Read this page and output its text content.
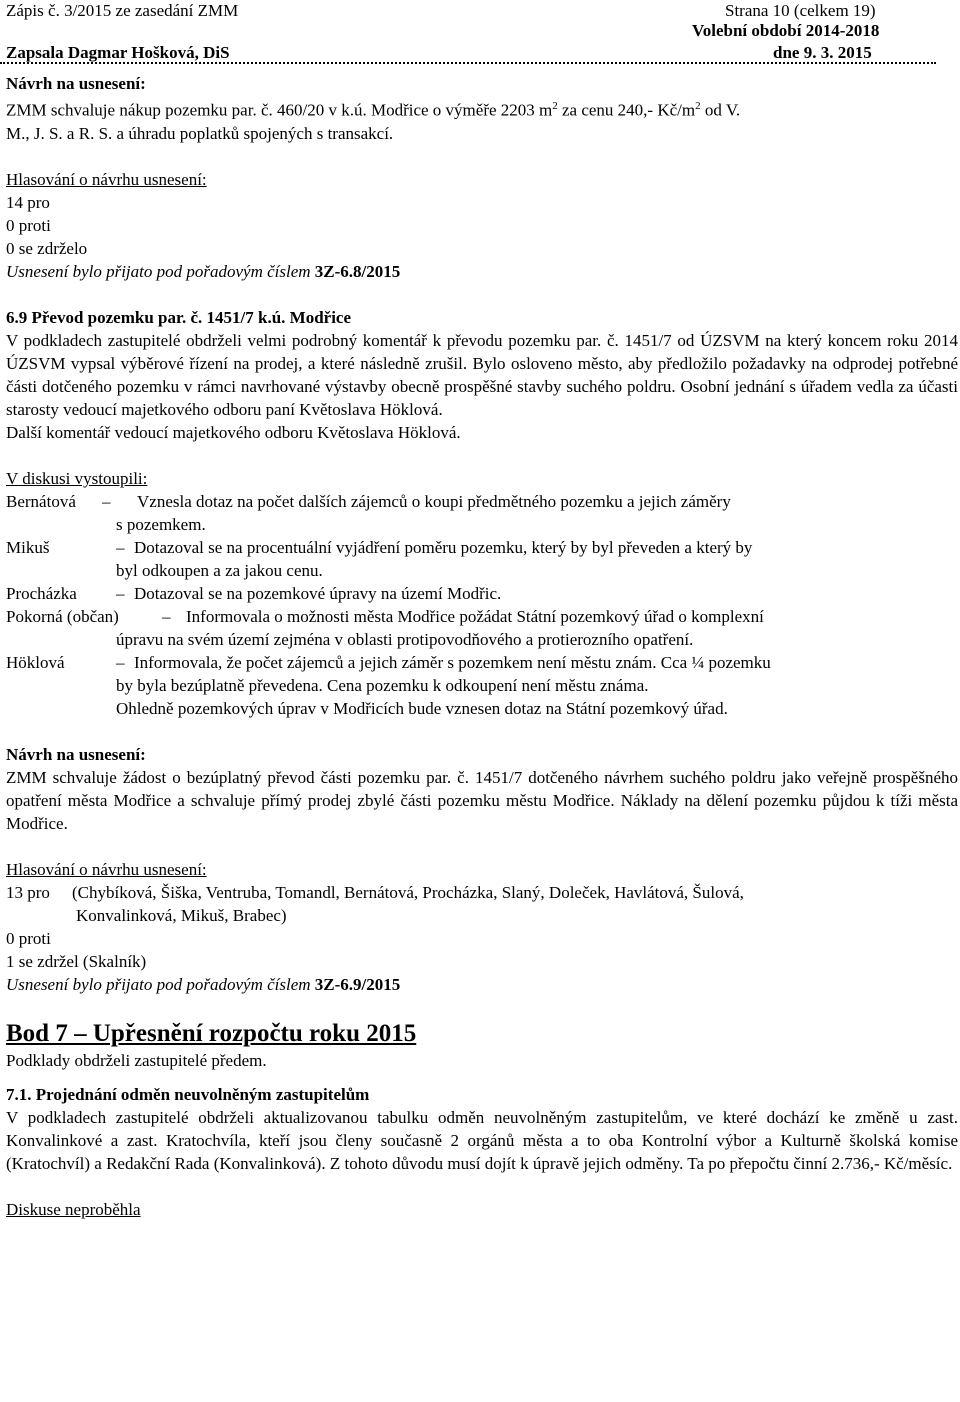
Zápis č. 3/2015 ze zasedání ZMM	Strana 10 (celkem 19)
Volební období 2014-2018
Zapsala Dagmar Hošková, DiS	dne 9. 3. 2015

Návrh na usnesení:

ZMM schvaluje nákup pozemku par. č. 460/20 v k.ú. Modřice o výměře 2203 $m^2$ za cenu 240,- $Kč/m^2$ od V.

M., J. S. a R. S. a úhradu poplatků spojených s transakcí.

Hlasování o návrhu usnesení:

14 pro

0 proti

0 se zdrželo

Usnesení bylo přijato pod pořadovým číslem 3Z-6.8/2015

6.9 Převod pozemku par. č. 1451/7 k.ú. Modřice

V podkladech zastupitelé obdrželi velmi podrobný komentář k převodu pozemku par. č. 1451/7 od ÚZSVM na který koncem roku 2014 ÚZSVM vypsal výběrové řízení na prodej, a které následně zrušil. Bylo osloveno město, aby předložilo požadavky na odprodej potřebné části dotčeného pozemku v rámci navrhované výstavby obecně prospěšné stavby suchého poldru. Osobní jednání s úřadem vedla za účasti starosty vedoucí majetkového odboru paní Květoslava Höklová.

Další komentář vedoucí majetkového odboru Květoslava Höklová.

V diskusi vystoupili:

Bernátová – Vznesla dotaz na počet dalších zájemců o koupi předmětného pozemku a jejich záměry
s pozemkem.
Mikuš	– Dotazoval se na procentuální vyjádření poměru pozemku, který by byl převeden a který by
byl odkoupen a za jakou cenu.
Procházka – Dotazoval se na pozemkové úpravy na území Modřic.
Pokorná (občan)	– Informovala o možnosti města Modřice požádat Státní pozemkový úřad o komplexní
úpravu na svém území zejména v oblasti protipovodňového a protierozního opatření.
Höklová	– Informovala, že počet zájemců a jejich záměr s pozemkem není městu znám. Cca ¼ pozemku
by byla bezúplatně převedena. Cena pozemku k odkoupení není městu známa.
Ohledně pozemkových úprav v Modřicích bude vznesen dotaz na Státní pozemkový úřad.

Návrh na usnesení:

ZMM schvaluje žádost o bezúplatný převod části pozemku par. č. 1451/7 dotčeného návrhem suchého poldru jako veřejně prospěšného opatření města Modřice a schvaluje přímý prodej zbylé části pozemku městu Modřice. Náklady na dělení pozemku půjdou k tíži města Modřice.

Hlasování o návrhu usnesení:

13 pro (Chybíková, Šiška, Ventruba, Tomandl, Bernátová, Procházka, Slaný, Doleček, Havlátová, Šulová,
Konvalinková, Mikuš, Brabec)

0 proti

1 se zdržel (Skalník)

Usnesení bylo přijato pod pořadovým číslem 3Z-6.9/2015

Bod 7 – Upřesnění rozpočtu roku 2015

Podklady obdrželi zastupitelé předem.

7.1. Projednání odměn neuvolněným zastupitelům

V podkladech zastupitelé obdrželi aktualizovanou tabulku odměn neuvolněným zastupitelům, ve které dochází ke změně u zast. Konvalinkové a zast. Kratochvíla, kteří jsou členy současně 2 orgánů města a to oba Kontrolní výbor a Kulturně školská komise (Kratochvíl) a Redakční Rada (Konvalinková). Z tohoto důvodu musí dojít k úpravě jejich odměny. Ta po přepočtu činní 2.736,- Kč/měsíc.

Diskuse neproběhla
